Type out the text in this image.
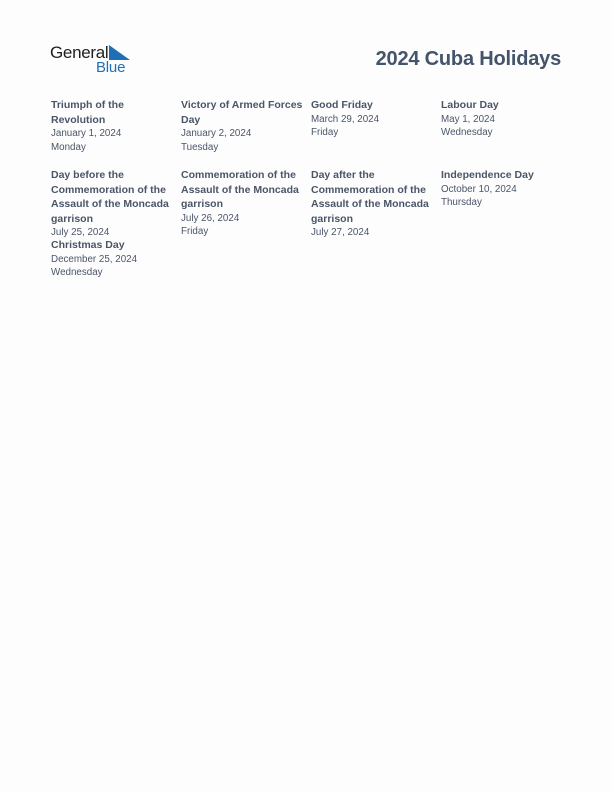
General
Blue	2024 Cuba Holidays
Triumph of the Revolution
January 1, 2024
Monday
Victory of Armed Forces Day
January 2, 2024
Tuesday
Good Friday
March 29, 2024
Friday
Labour Day
May 1, 2024
Wednesday
Day before the Commemoration of the Assault of the Moncada garrison
July 25, 2024
Commemoration of the Assault of the Moncada garrison
July 26, 2024
Friday
Day after the Commemoration of the Assault of the Moncada garrison
July 27, 2024
Independence Day
October 10, 2024
Thursday
Christmas Day
December 25, 2024
Wednesday
